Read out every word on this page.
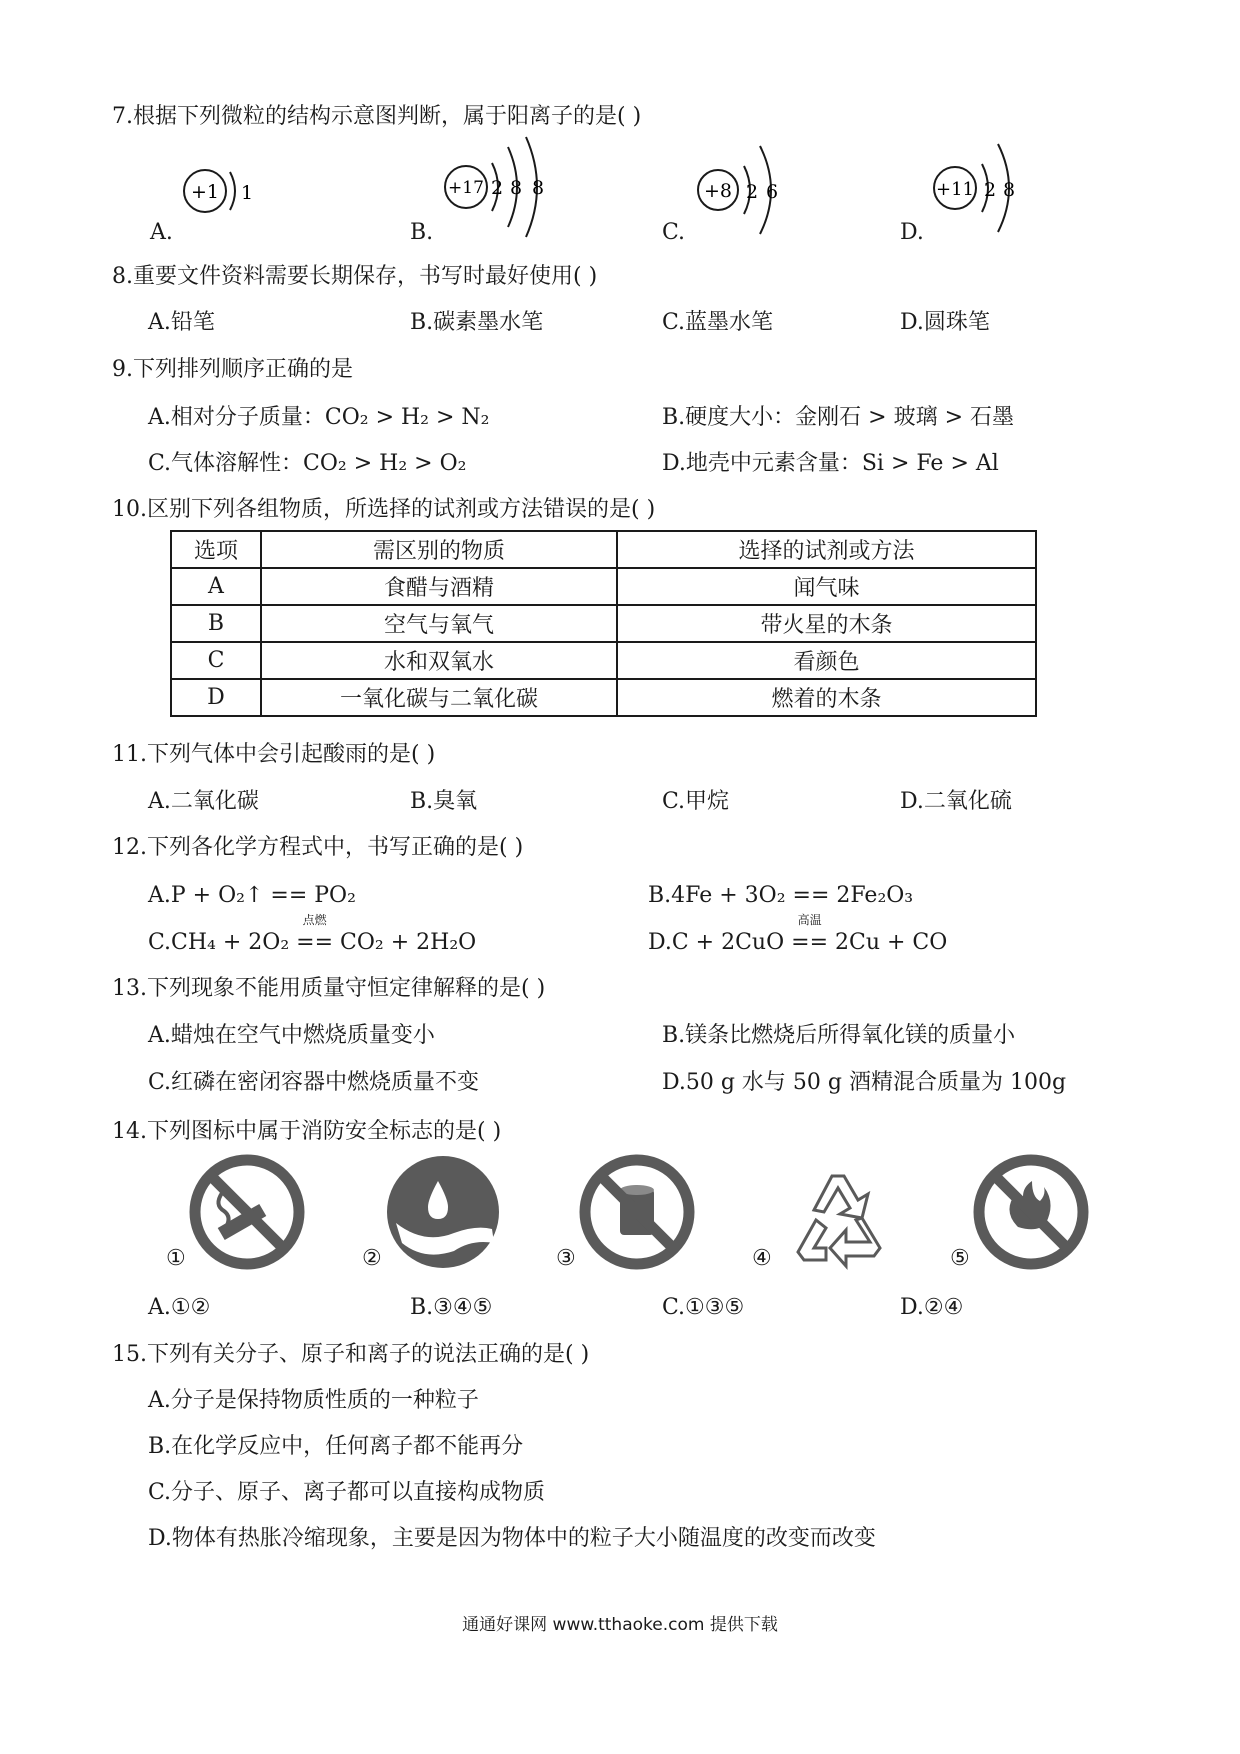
7.根据下列微粒的结构示意图判断，属于阳离子的是( )
+1 1
A.
+17 2 8 8
B.
+8 2 6
C.
+11 2 8
D.
8.重要文件资料需要长期保存，书写时最好使用( )
A.铅笔	B.碳素墨水笔	C.蓝墨水笔	D.圆珠笔
9.下列排列顺序正确的是
A.相对分子质量：CO₂ > H₂ > N₂	B.硬度大小：金刚石 > 玻璃 > 石墨
C.气体溶解性：CO₂ > H₂ > O₂	D.地壳中元素含量：Si > Fe > Al
10.区别下列各组物质，所选择的试剂或方法错误的是( )
选项	需区别的物质	选择的试剂或方法
A	食醋与酒精	闻气味
B	空气与氧气	带火星的木条
C	水和双氧水	看颜色
D	一氧化碳与二氧化碳	燃着的木条
11.下列气体中会引起酸雨的是( )
A.二氧化碳	B.臭氧	C.甲烷	D.二氧化硫
12.下列各化学方程式中，书写正确的是( )
A.P + O₂↑ == PO₂	B.4Fe + 3O₂ == 2Fe₂O₃
C.CH₄ + 2O₂
点燃
== CO₂ + 2H₂O	D.C + 2CuO
高温
== 2Cu + CO
13.下列现象不能用质量守恒定律解释的是( )
A.蜡烛在空气中燃烧质量变小	B.镁条比燃烧后所得氧化镁的质量小
C.红磷在密闭容器中燃烧质量不变	D.50 g 水与 50 g 酒精混合质量为 100g
14.下列图标中属于消防安全标志的是( )
①	②	③	④	⑤
A.①②	B.③④⑤	C.①③⑤	D.②④
15.下列有关分子、原子和离子的说法正确的是( )
A.分子是保持物质性质的一种粒子
B.在化学反应中，任何离子都不能再分
C.分子、原子、离子都可以直接构成物质
D.物体有热胀冷缩现象，主要是因为物体中的粒子大小随温度的改变而改变
通通好课网 www.tthaoke.com 提供下载
